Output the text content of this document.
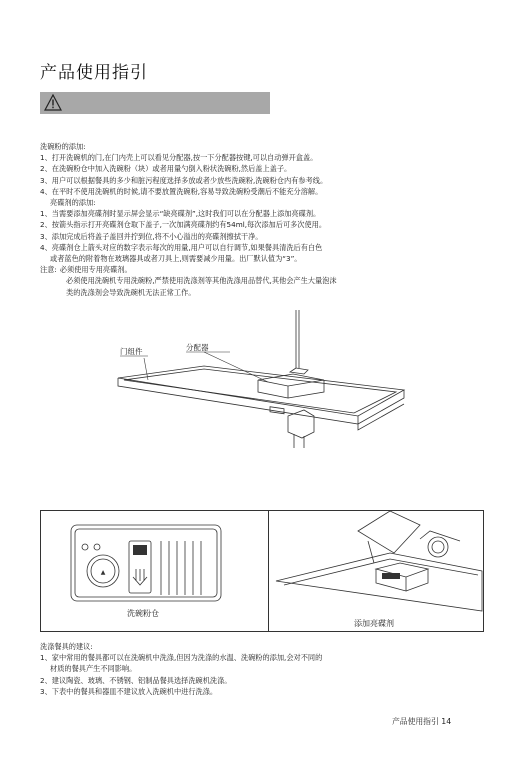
产品使用指引
洗碗粉的添加:
1、打开洗碗机的门,在门内壳上可以看见分配器,按一下分配器按键,可以自动弹开盒盖。
2、在洗碗粉仓中加入洗碗粉（块）或者用量勺倒入粉状洗碗粉,然后盖上盖子。
3、用户可以根据餐具的多少和脏污程度选择多放或者少放些洗碗粉,洗碗粉仓内有参考线。
4、在平时不使用洗碗机的时候,请不要放置洗碗粉,容易导致洗碗粉受潮后不能充分溶解。
亮碟剂的添加:
1、当需要添加亮碟剂时显示屏会显示“缺亮碟剂”,这时我们可以在分配器上添加亮碟剂。
2、按箭头指示打开亮碟剂仓取下盖子,一次加满亮碟剂约有54ml,每次添加后可多次使用。
3、添加完成后将盖子盖回并拧到位,将不小心溢出的亮碟剂擦拭干净。
4、亮碟剂仓上箭头对应的数字表示每次的用量,用户可以自行调节,如果餐具清洗后有白色
或者蓝色的附着物在玻璃器具或者刀具上,则需要减少用量。出厂默认值为“3”。
注意: 必须使用专用亮碟剂。
必须使用洗碗机专用洗碗粉,严禁使用洗涤剂等其他洗涤用品替代,其他会产生大量泡沫
类的洗涤剂会导致洗碗机无法正常工作。
门组件	分配器
▲
洗碗粉仓
添加亮碟剂
洗涤餐具的建议:
1、家中常用的餐具都可以在洗碗机中洗涤,但因为洗涤的水温、洗碗粉的添加,会对不同的
材质的餐具产生不同影响。
2、建议陶瓷、玻璃、不锈钢、铝制品餐具选择洗碗机洗涤。
3、下表中的餐具和器皿不建议放入洗碗机中进行洗涤。
产品使用指引 14
